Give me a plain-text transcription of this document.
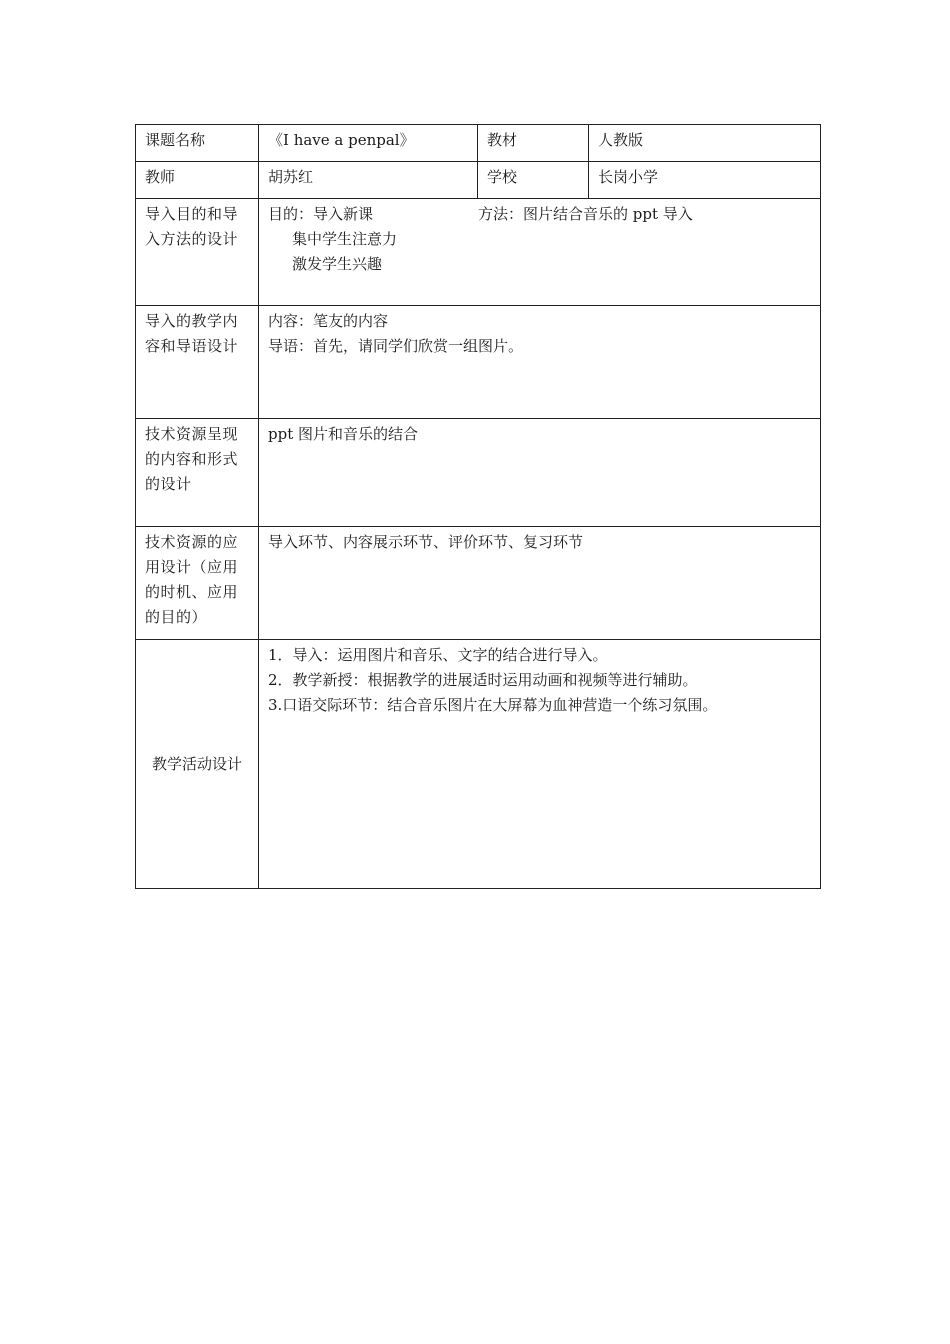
课题名称	《I have a penpal》	教材	人教版
教师	胡苏红	学校	长岗小学
导入目的和导入方法的设计	目的：导入新课 方法：图片结合音乐的 ppt 导入
集中学生注意力
激发学生兴趣		

导入的教学内容和导语设计	内容：笔友的内容
导语：首先，请同学们欣赏一组图片。		

技术资源呈现的内容和形式的设计	ppt 图片和音乐的结合		
技术资源的应用设计（应用的时机、应用的目的）	导入环节、内容展示环节、评价环节、复习环节		
教学活动设计	1．导入：运用图片和音乐、文字的结合进行导入。
2．教学新授：根据教学的进展适时运用动画和视频等进行辅助。
3.口语交际环节：结合音乐图片在大屏幕为血神营造一个练习氛围。		
